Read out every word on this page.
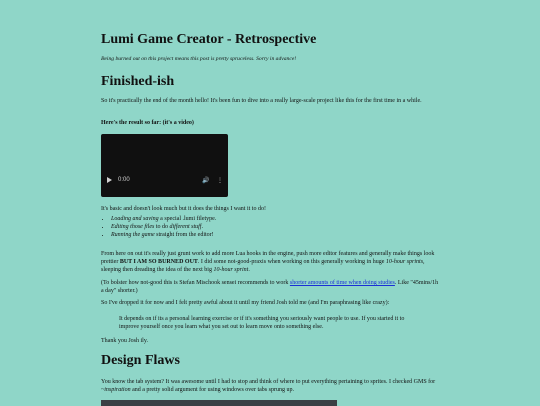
Lumi Game Creator - Retrospective
Being burned out on this project means this post is pretty spruceless. Sorry in advance!
Finished-ish

So it's practically the end of the month hello! It's been fun to dive into a really large-scale project like this for the first time in a while.

Here's the result so far: (it's a video)

0:00	🔊 ⋮

It's basic and doesn't look much but it does the things I want it to do!

• Loading and saving a special .lumi filetype.
• Editing those files to do different stuff.
• Running the game straight from the editor!

From here on out it's really just grunt work to add more Lua hooks in the engine, push more editor features and generally make things look prettier BUT I AM SO BURNED OUT. I did some not-good-praxis when working on this generally working in huge 10-hour sprints, sleeping then dreading the idea of the next big 10-hour sprint.

(To bolster how not-good this is Stefan Mischook sensei recommends to work shorter amounts of time when doing studies. Like "45mins/1h a day" shorter.)

So I've dropped it for now and I felt pretty awful about it until my friend Josh told me (and I'm paraphrasing like crazy):

It depends on if its a personal learning exercise or if it's something you seriously want people to use. If you started it to improve yourself once you learn what you set out to learn move onto something else.

Thank you Josh ily.

Design Flaws

You know the tab system? It was awesome until I had to stop and think of where to put everything pertaining to sprites. I checked GMS for ~inspiration and a pretty solid argument for using windows over tabs sprung up.
